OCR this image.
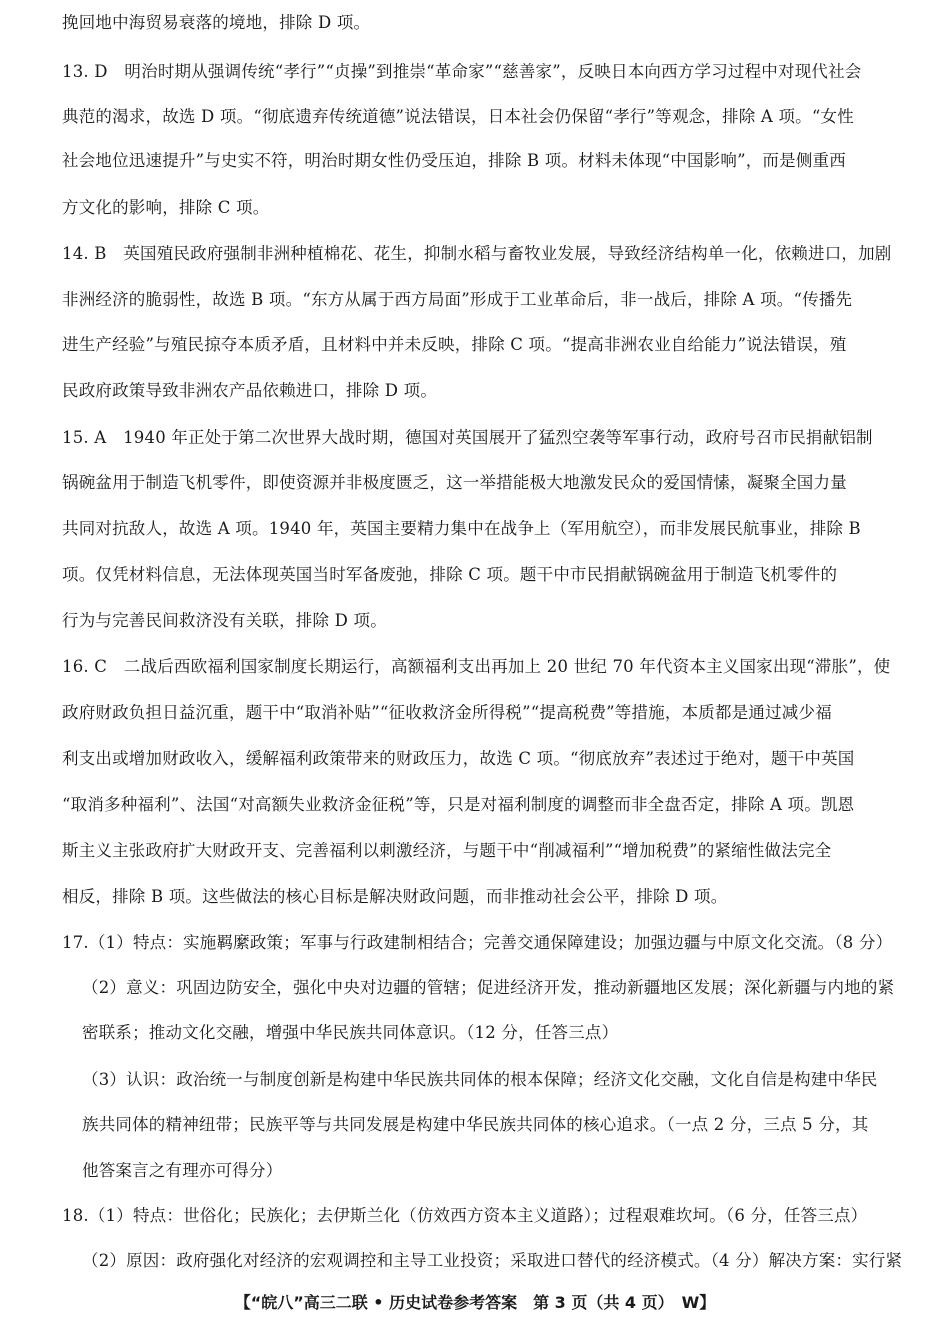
挽回地中海贸易衰落的境地，排除 D 项。
13. D　明治时期从强调传统“孝行”“贞操”到推崇“革命家”“慈善家”，反映日本向西方学习过程中对现代社会
典范的渴求，故选 D 项。“彻底遗弃传统道德”说法错误，日本社会仍保留“孝行”等观念，排除 A 项。“女性
社会地位迅速提升”与史实不符，明治时期女性仍受压迫，排除 B 项。材料未体现“中国影响”，而是侧重西
方文化的影响，排除 C 项。
14. B　英国殖民政府强制非洲种植棉花、花生，抑制水稻与畜牧业发展，导致经济结构单一化，依赖进口，加剧
非洲经济的脆弱性，故选 B 项。“东方从属于西方局面”形成于工业革命后，非一战后，排除 A 项。“传播先
进生产经验”与殖民掠夺本质矛盾，且材料中并未反映，排除 C 项。“提高非洲农业自给能力”说法错误，殖
民政府政策导致非洲农产品依赖进口，排除 D 项。
15. A　1940 年正处于第二次世界大战时期，德国对英国展开了猛烈空袭等军事行动，政府号召市民捐献铝制
锅碗盆用于制造飞机零件，即使资源并非极度匮乏，这一举措能极大地激发民众的爱国情愫，凝聚全国力量
共同对抗敌人，故选 A 项。1940 年，英国主要精力集中在战争上（军用航空），而非发展民航事业，排除 B
项。仅凭材料信息，无法体现英国当时军备废弛，排除 C 项。题干中市民捐献锅碗盆用于制造飞机零件的
行为与完善民间救济没有关联，排除 D 项。
16. C　二战后西欧福利国家制度长期运行，高额福利支出再加上 20 世纪 70 年代资本主义国家出现“滞胀”，使
政府财政负担日益沉重，题干中“取消补贴”“征收救济金所得税”“提高税费”等措施，本质都是通过减少福
利支出或增加财政收入，缓解福利政策带来的财政压力，故选 C 项。“彻底放弃”表述过于绝对，题干中英国
“取消多种福利”、法国“对高额失业救济金征税”等，只是对福利制度的调整而非全盘否定，排除 A 项。凯恩
斯主义主张政府扩大财政开支、完善福利以刺激经济，与题干中“削减福利”“增加税费”的紧缩性做法完全
相反，排除 B 项。这些做法的核心目标是解决财政问题，而非推动社会公平，排除 D 项。
17.（1）特点：实施羁縻政策；军事与行政建制相结合；完善交通保障建设；加强边疆与中原文化交流。（8 分）
（2）意义：巩固边防安全，强化中央对边疆的管辖；促进经济开发，推动新疆地区发展；深化新疆与内地的紧
密联系；推动文化交融，增强中华民族共同体意识。（12 分，任答三点）
（3）认识：政治统一与制度创新是构建中华民族共同体的根本保障；经济文化交融，文化自信是构建中华民
族共同体的精神纽带；民族平等与共同发展是构建中华民族共同体的核心追求。（一点 2 分，三点 5 分，其
他答案言之有理亦可得分）
18.（1）特点：世俗化；民族化；去伊斯兰化（仿效西方资本主义道路）；过程艰难坎坷。（6 分，任答三点）
（2）原因：政府强化对经济的宏观调控和主导工业投资；采取进口替代的经济模式。（4 分）解决方案：实行紧
【“皖八”高三二联 • 历史试卷参考答案　第 3 页（共 4 页）　W】
